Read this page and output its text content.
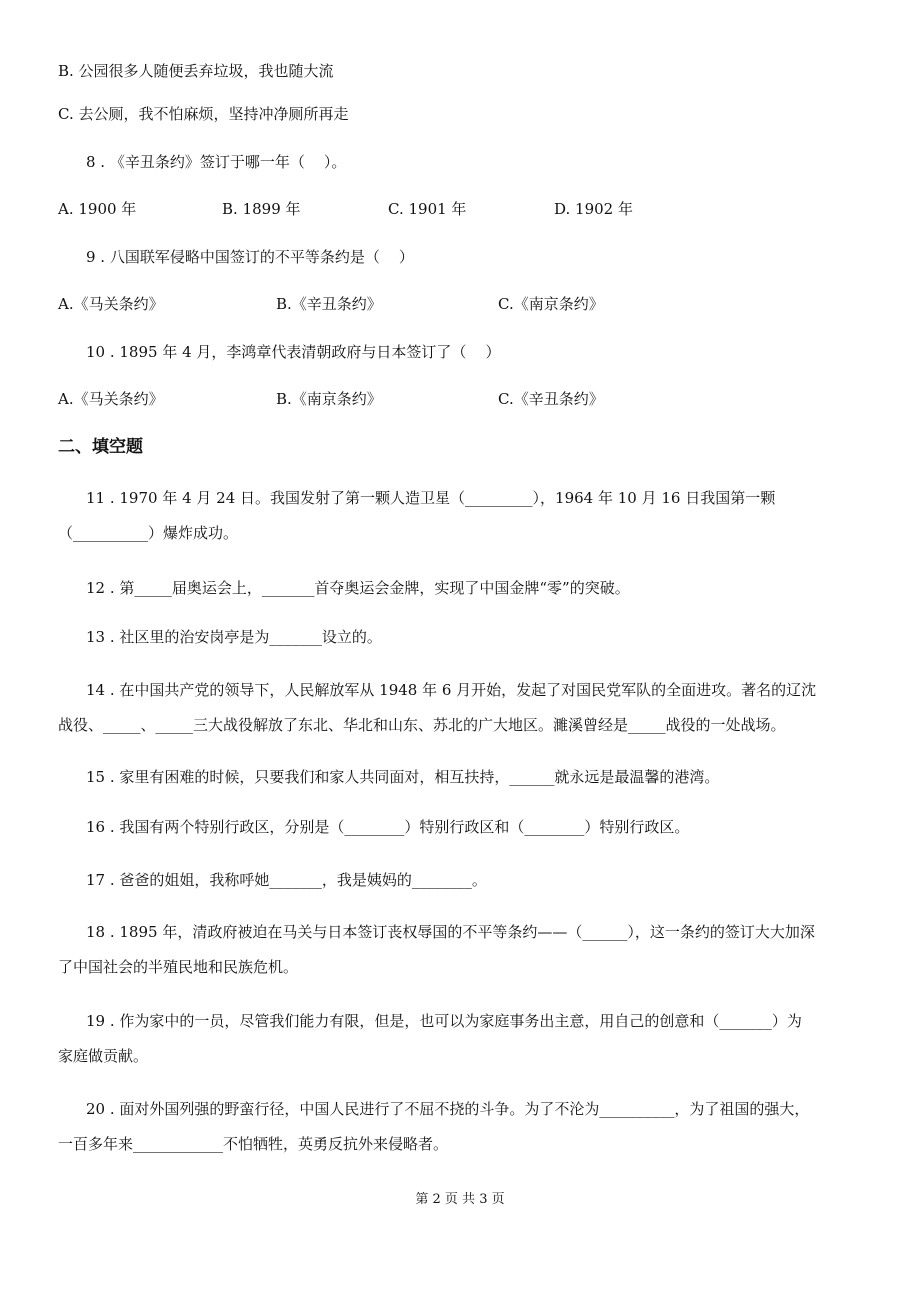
B. 公园很多人随便丢弃垃圾，我也随大流
C. 去公厕，我不怕麻烦，坚持冲净厕所再走
8 . 《辛丑条约》签订于哪一年（    ）。
A. 1900 年	B. 1899 年	C. 1901 年	D. 1902 年
9 . 八国联军侵略中国签订的不平等条约是（    ）
A.《马关条约》	B.《辛丑条约》	C.《南京条约》
10 . 1895 年 4 月，李鸿章代表清朝政府与日本签订了（    ）
A.《马关条约》	B.《南京条约》	C.《辛丑条约》
二、填空题
11 . 1970 年 4 月 24 日。我国发射了第一颗人造卫星（_________），1964 年 10 月 16 日我国第一颗
（__________）爆炸成功。
12 . 第_____届奥运会上，_______首夺奥运会金牌，实现了中国金牌“零”的突破。
13 . 社区里的治安岗亭是为_______设立的。
14 . 在中国共产党的领导下，人民解放军从 1948 年 6 月开始，发起了对国民党军队的全面进攻。著名的辽沈
战役、_____、_____三大战役解放了东北、华北和山东、苏北的广大地区。濉溪曾经是_____战役的一处战场。
15 . 家里有困难的时候，只要我们和家人共同面对，相互扶持，______就永远是最温馨的港湾。
16 . 我国有两个特别行政区，分别是（________）特别行政区和（________）特别行政区。
17 . 爸爸的姐姐，我称呼她_______，我是姨妈的________。
18 . 1895 年，清政府被迫在马关与日本签订丧权辱国的不平等条约——（______），这一条约的签订大大加深
了中国社会的半殖民地和民族危机。
19 . 作为家中的一员，尽管我们能力有限，但是，也可以为家庭事务出主意，用自己的创意和（_______）为
家庭做贡献。
20 . 面对外国列强的野蛮行径，中国人民进行了不屈不挠的斗争。为了不沦为__________，为了祖国的强大，
一百多年来____________不怕牺牲，英勇反抗外来侵略者。
第 2 页 共 3 页
